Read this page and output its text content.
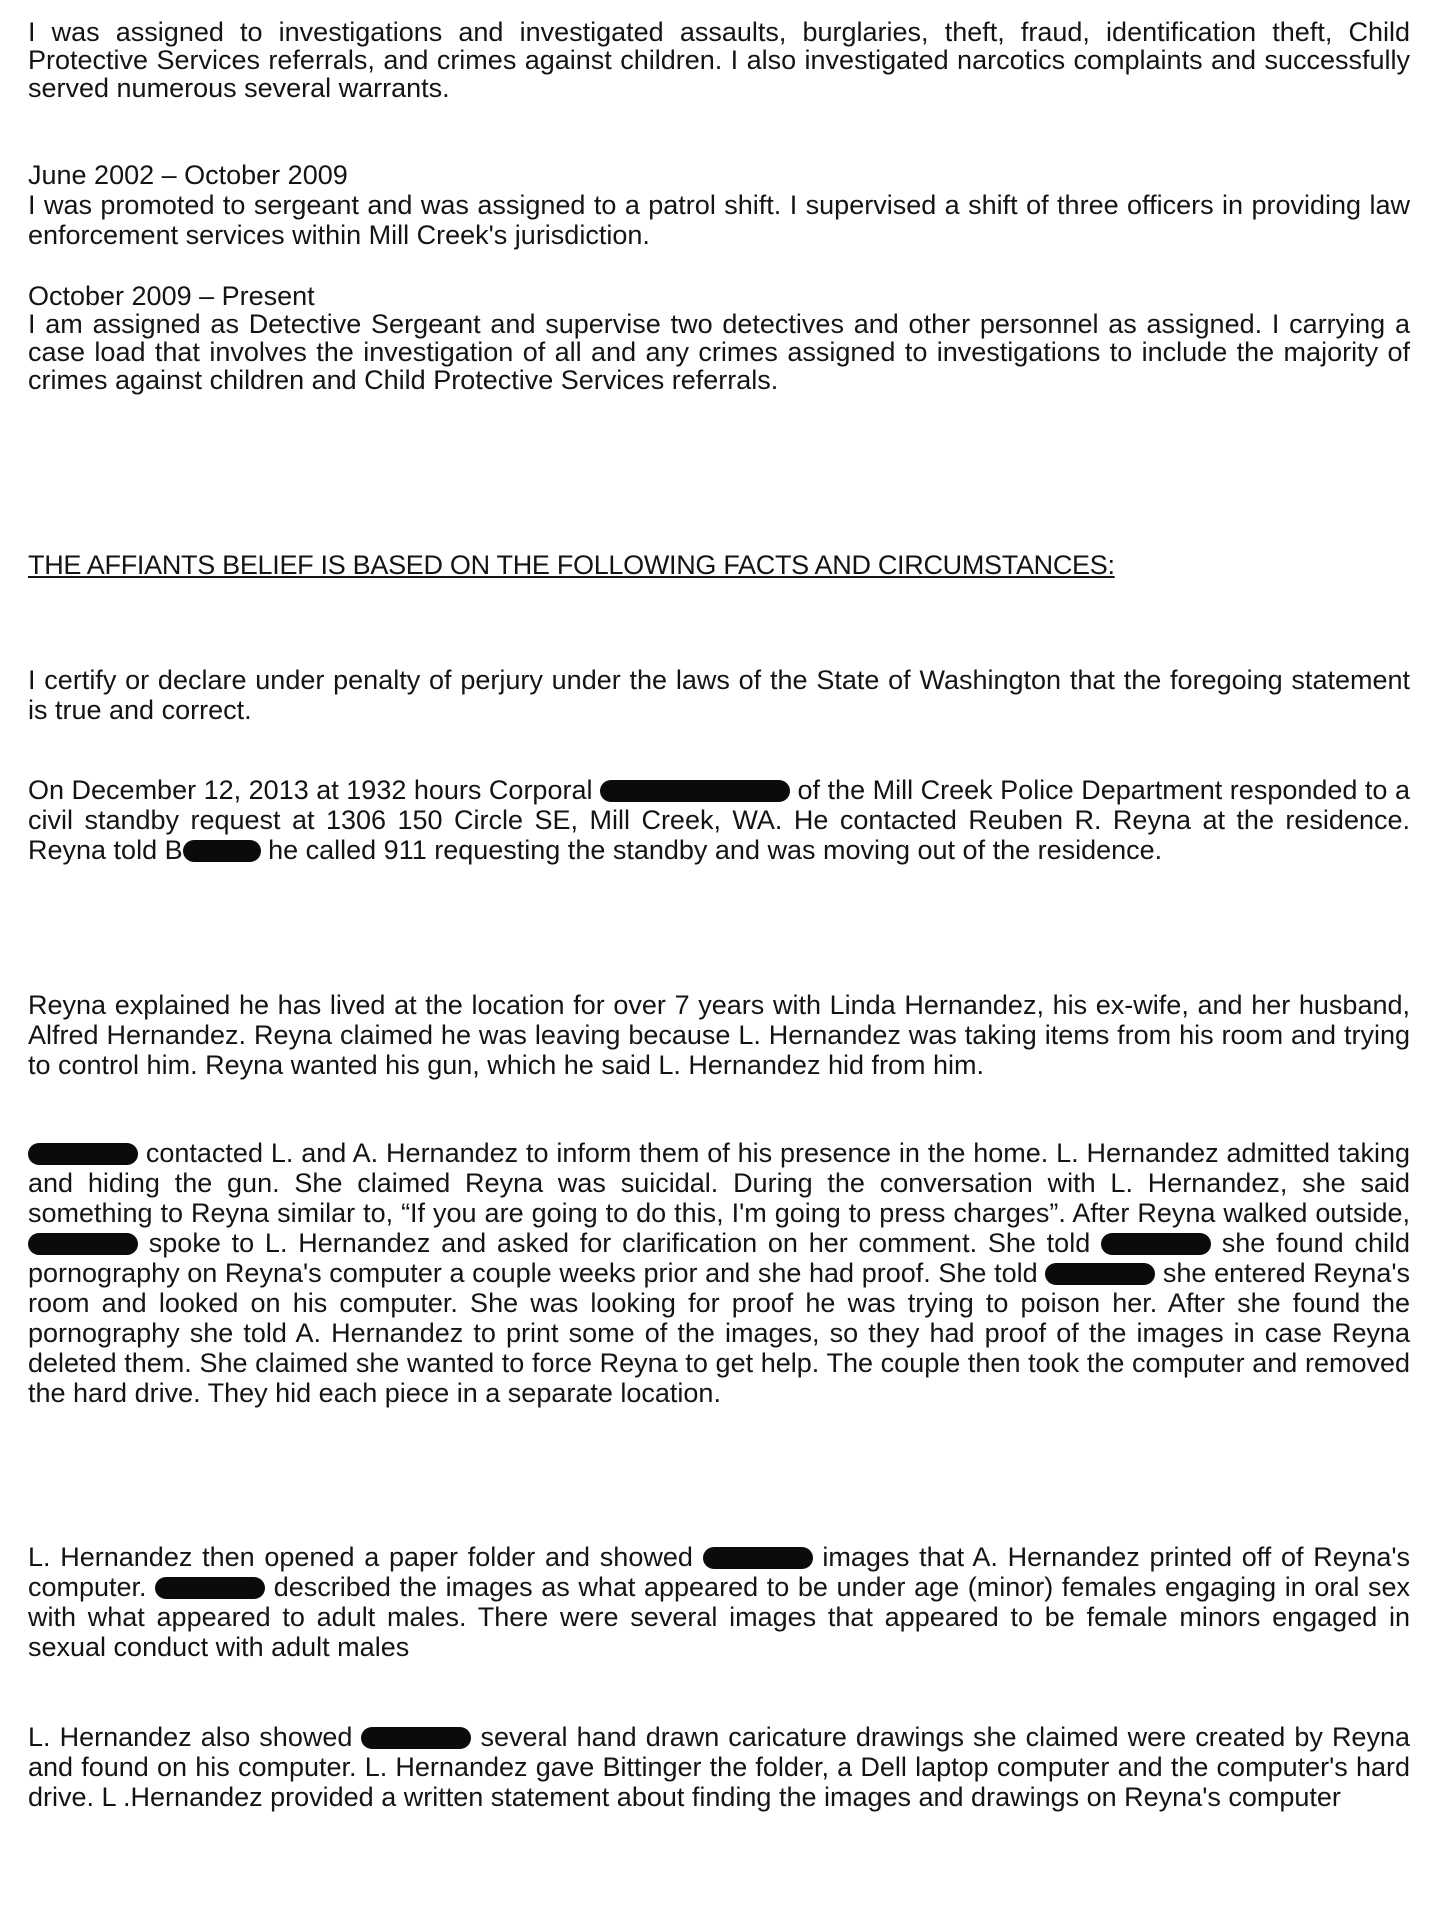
I was assigned to investigations and investigated assaults, burglaries, theft, fraud, identification theft, Child Protective Services referrals, and crimes against children. I also investigated narcotics complaints and successfully served numerous several warrants.

June 2002 – October 2009

I was promoted to sergeant and was assigned to a patrol shift. I supervised a shift of three officers in providing law enforcement services within Mill Creek's jurisdiction.

October 2009 – Present

I am assigned as Detective Sergeant and supervise two detectives and other personnel as assigned. I carrying a case load that involves the investigation of all and any crimes assigned to investigations to include the majority of crimes against children and Child Protective Services referrals.

THE AFFIANTS BELIEF IS BASED ON THE FOLLOWING FACTS AND CIRCUMSTANCES:

I certify or declare under penalty of perjury under the laws of the State of Washington that the foregoing statement is true and correct.

On December 12, 2013 at 1932 hours Corporal	of the Mill Creek Police Department responded to a civil standby request at 1306 150 Circle SE, Mill Creek, WA. He contacted Reuben R. Reyna at the residence. Reyna told B	he called 911 requesting the standby and was moving out of the residence.

Reyna explained he has lived at the location for over 7 years with Linda Hernandez, his ex-wife, and her husband, Alfred Hernandez. Reyna claimed he was leaving because L. Hernandez was taking items from his room and trying to control him. Reyna wanted his gun, which he said L. Hernandez hid from him.

contacted L. and A. Hernandez to inform them of his presence in the home. L. Hernandez admitted taking and hiding the gun. She claimed Reyna was suicidal. During the conversation with L. Hernandez, she said something to Reyna similar to, “If you are going to do this, I'm going to press charges”. After Reyna walked outside,  spoke to L. Hernandez and asked for clarification on her comment. She told	she found child pornography on Reyna's computer a couple weeks prior and she had proof. She told	she entered Reyna's room and looked on his computer. She was looking for proof he was trying to poison her. After she found the pornography she told A. Hernandez to print some of the images, so they had proof of the images in case Reyna deleted them. She claimed she wanted to force Reyna to get help. The couple then took the computer and removed the hard drive. They hid each piece in a separate location.

L. Hernandez then opened a paper folder and showed	images that A. Hernandez printed off of Reyna's computer.	described the images as what appeared to be under age (minor) females engaging in oral sex with what appeared to adult males. There were several images that appeared to be female minors engaged in sexual conduct with adult males

L. Hernandez also showed	several hand drawn caricature drawings she claimed were created by Reyna and found on his computer. L. Hernandez gave Bittinger the folder, a Dell laptop computer and the computer's hard drive. L .Hernandez provided a written statement about finding the images and drawings on Reyna's computer
